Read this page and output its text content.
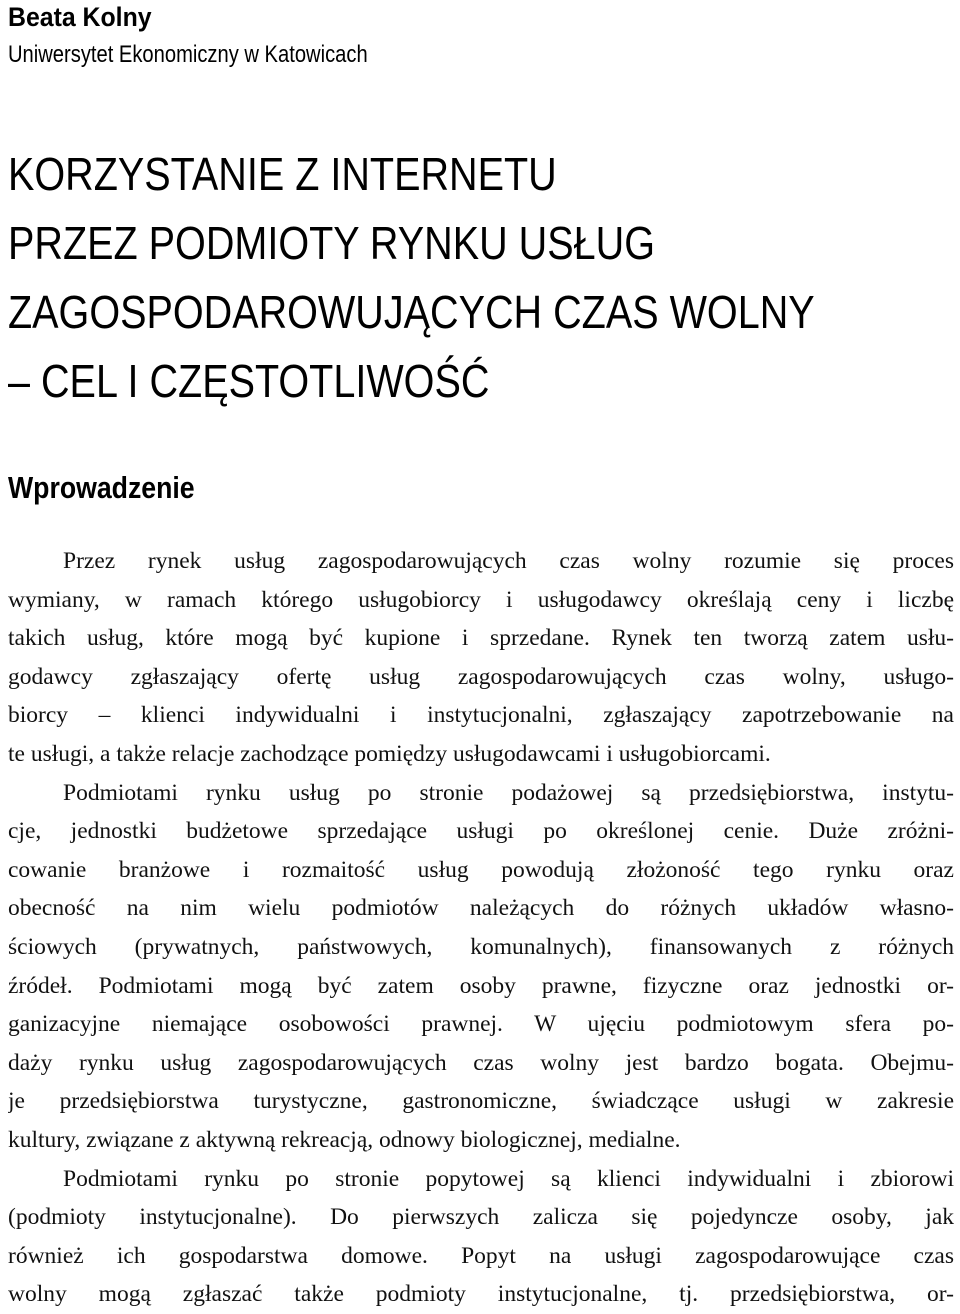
Beata Kolny
Uniwersytet Ekonomiczny w Katowicach
KORZYSTANIE Z INTERNETU
PRZEZ PODMIOTY RYNKU USŁUG
ZAGOSPODAROWUJĄCYCH CZAS WOLNY
– CEL I CZĘSTOTLIWOŚĆ
Wprowadzenie
Przez rynek usług zagospodarowujących czas wolny rozumie się proces
wymiany, w ramach którego usługobiorcy i usługodawcy określają ceny i liczbę
takich usług, które mogą być kupione i sprzedane. Rynek ten tworzą zatem usłu-
godawcy zgłaszający ofertę usług zagospodarowujących czas wolny, usługo-
biorcy – klienci indywidualni i instytucjonalni, zgłaszający zapotrzebowanie na
te usługi, a także relacje zachodzące pomiędzy usługodawcami i usługobiorcami.
Podmiotami rynku usług po stronie podażowej są przedsiębiorstwa, instytu-
cje, jednostki budżetowe sprzedające usługi po określonej cenie. Duże zróżni-
cowanie branżowe i rozmaitość usług powodują złożoność tego rynku oraz
obecność na nim wielu podmiotów należących do różnych układów własno-
ściowych (prywatnych, państwowych, komunalnych), finansowanych z różnych
źródeł. Podmiotami mogą być zatem osoby prawne, fizyczne oraz jednostki or-
ganizacyjne niemające osobowości prawnej. W ujęciu podmiotowym sfera po-
daży rynku usług zagospodarowujących czas wolny jest bardzo bogata. Obejmu-
je przedsiębiorstwa turystyczne, gastronomiczne, świadczące usługi w zakresie
kultury, związane z aktywną rekreacją, odnowy biologicznej, medialne.
Podmiotami rynku po stronie popytowej są klienci indywidualni i zbiorowi
(podmioty instytucjonalne). Do pierwszych zalicza się pojedyncze osoby, jak
również ich gospodarstwa domowe. Popyt na usługi zagospodarowujące czas
wolny mogą zgłaszać także podmioty instytucjonalne, tj. przedsiębiorstwa, or-
